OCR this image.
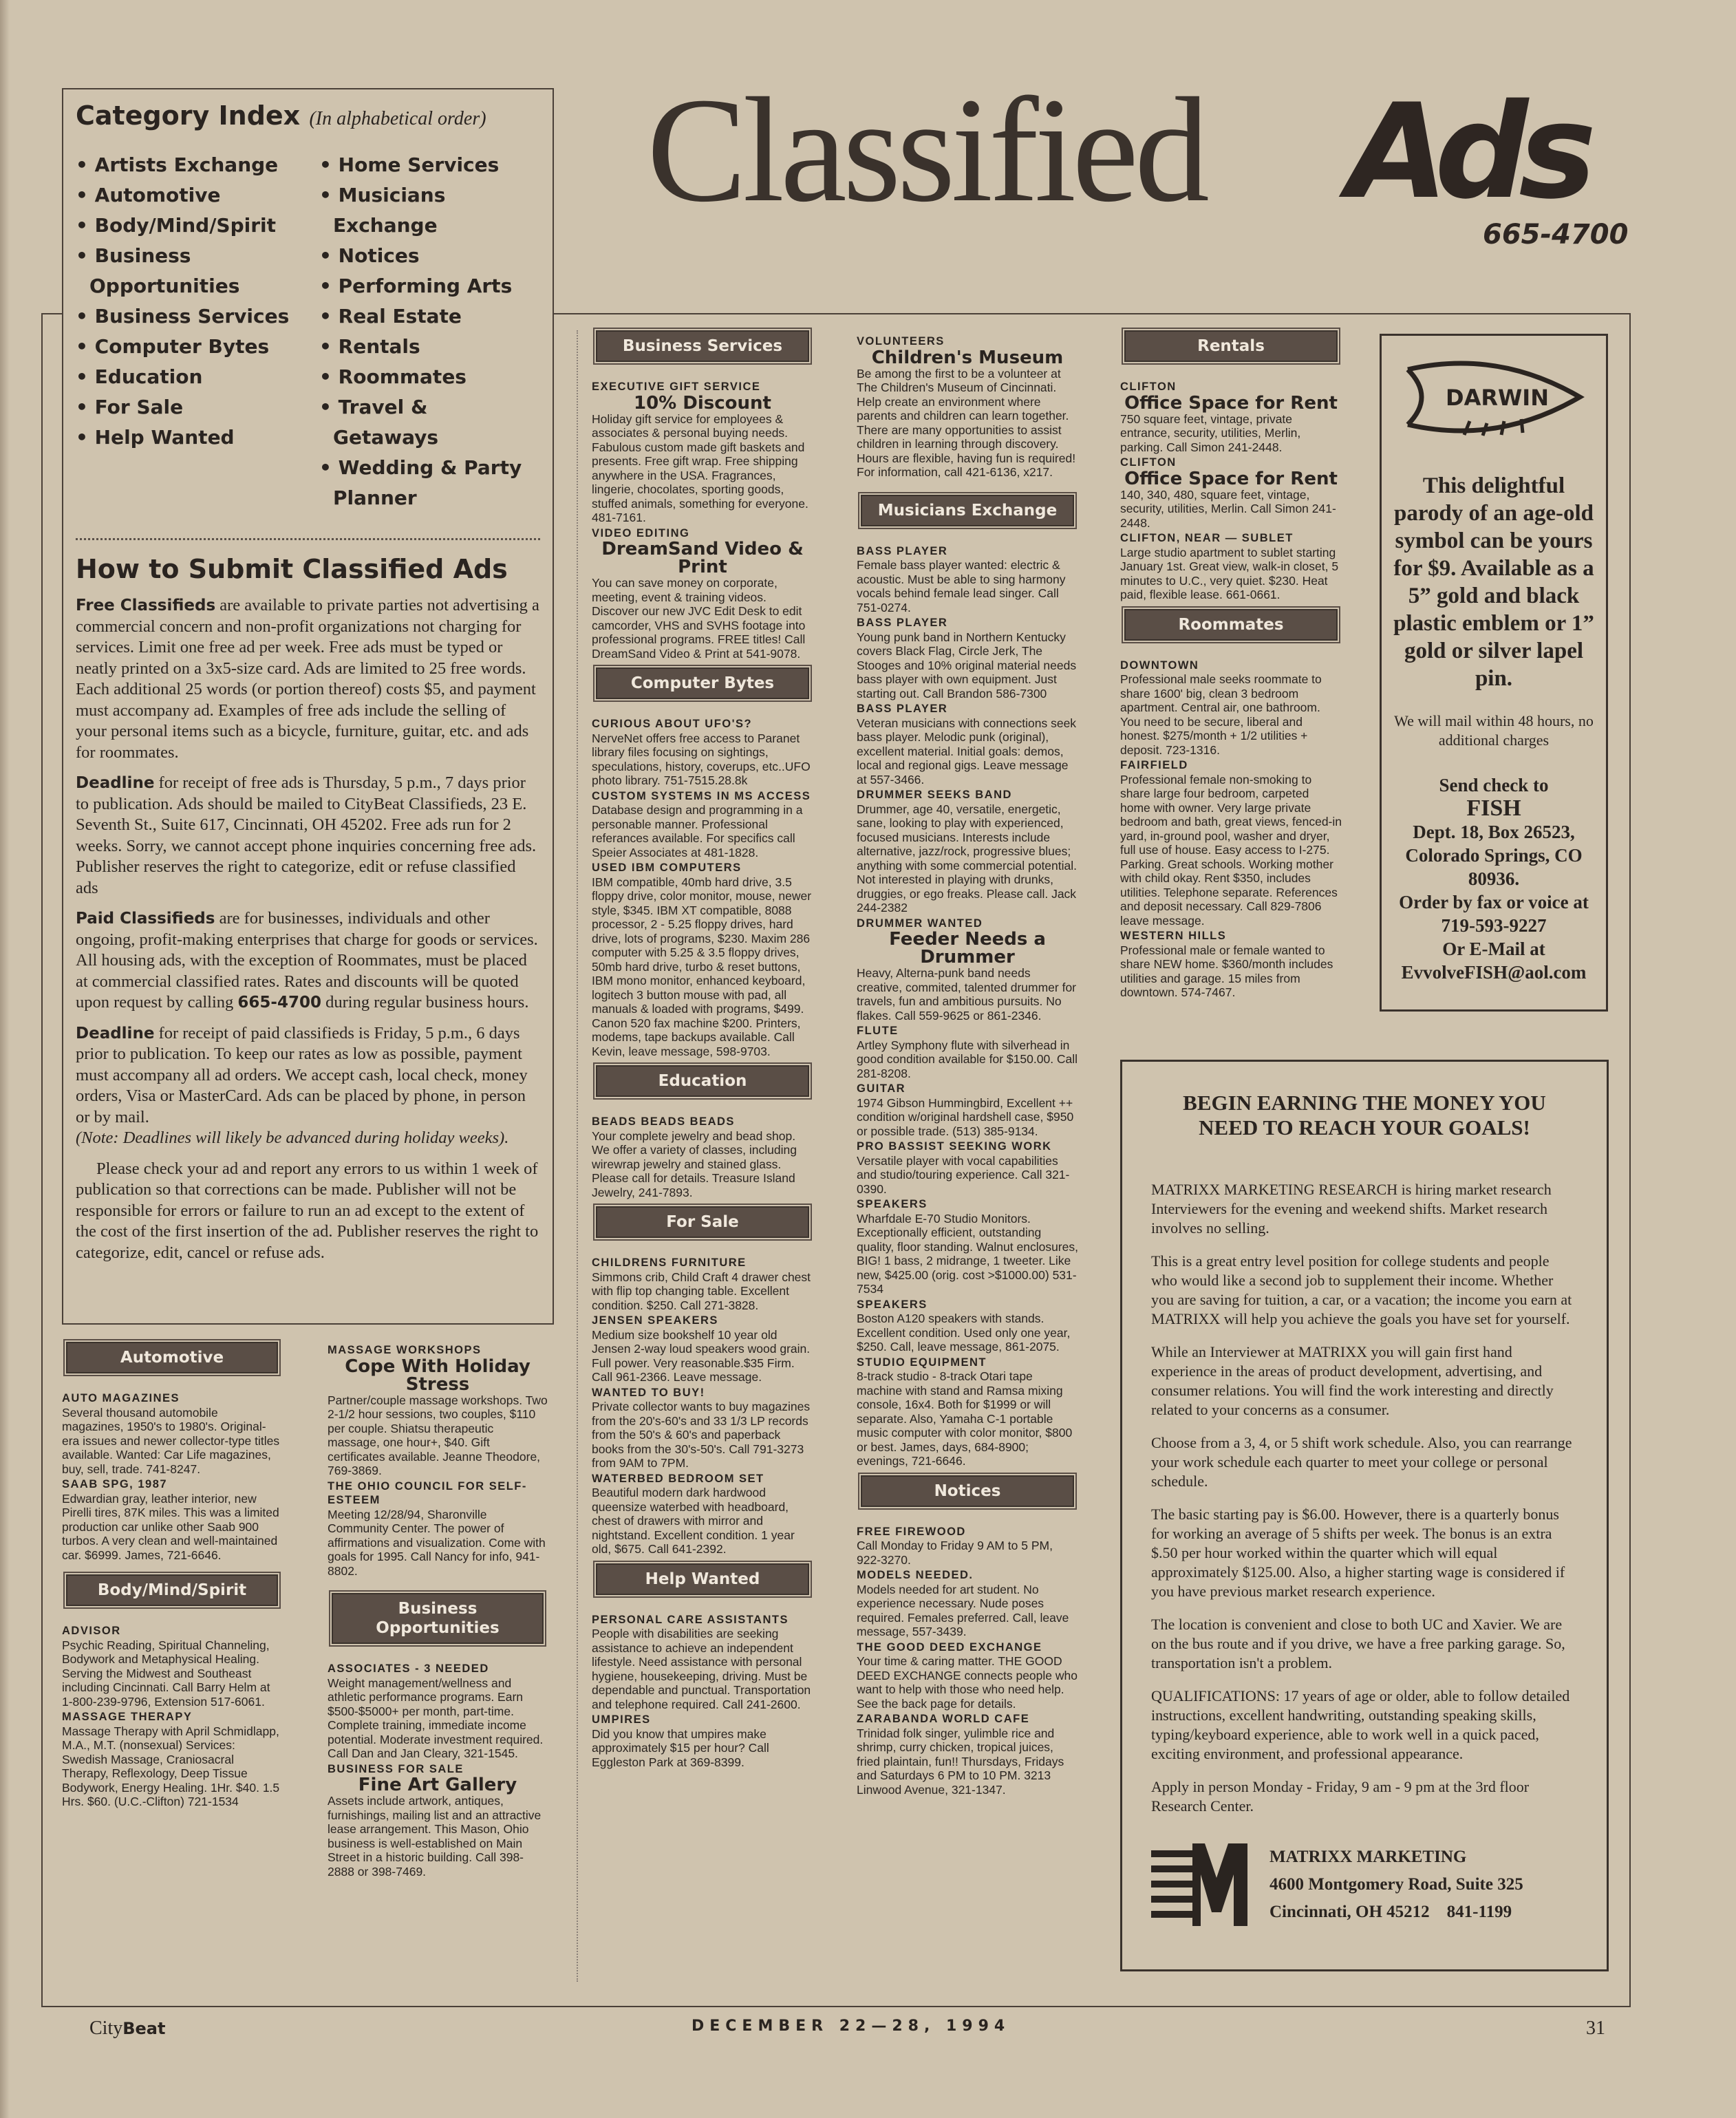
Classified Ads
665-4700
Category Index (In alphabetical order)
• Artists Exchange
• Automotive
• Body/Mind/Spirit
• Business Opportunities
• Business Services
• Computer Bytes
• Education
• For Sale
• Help Wanted
• Home Services
• Musicians Exchange
• Notices
• Performing Arts
• Real Estate
• Rentals
• Roommates
• Travel & Getaways
• Wedding & Party Planner
How to Submit Classified Ads

Free Classifieds are available to private parties not advertising a commercial concern and non-profit organizations not charging for services. Limit one free ad per week. Free ads must be typed or neatly printed on a 3x5-size card. Ads are limited to 25 free words. Each additional 25 words (or portion thereof) costs $5, and payment must accompany ad. Examples of free ads include the selling of your personal items such as a bicycle, furniture, guitar, etc. and ads for roommates.

Deadline for receipt of free ads is Thursday, 5 p.m., 7 days prior to publication. Ads should be mailed to CityBeat Classifieds, 23 E. Seventh St., Suite 617, Cincinnati, OH 45202. Free ads run for 2 weeks. Sorry, we cannot accept phone inquiries concerning free ads. Publisher reserves the right to categorize, edit or refuse classified ads

Paid Classifieds are for businesses, individuals and other ongoing, profit-making enterprises that charge for goods or services. All housing ads, with the exception of Roommates, must be placed at commercial classified rates. Rates and discounts will be quoted upon request by calling 665-4700 during regular business hours.

Deadline for receipt of paid classifieds is Friday, 5 p.m., 6 days prior to publication. To keep our rates as low as possible, payment must accompany all ad orders. We accept cash, local check, money orders, Visa or MasterCard. Ads can be placed by phone, in person or by mail.
(Note: Deadlines will likely be advanced during holiday weeks).

Please check your ad and report any errors to us within 1 week of publication so that corrections can be made. Publisher will not be responsible for errors or failure to run an ad except to the extent of the cost of the first insertion of the ad. Publisher reserves the right to categorize, edit, cancel or refuse ads.

Automotive
AUTO MAGAZINES
Several thousand automobile magazines, 1950's to 1980's. Original-era issues and newer collector-type titles available. Wanted: Car Life magazines, buy, sell, trade. 741-8247.
SAAB SPG, 1987
Edwardian gray, leather interior, new Pirelli tires, 87K miles. This was a limited production car unlike other Saab 900 turbos. A very clean and well-maintained car. $6999. James, 721-6646.
Body/Mind/Spirit
ADVISOR
Psychic Reading, Spiritual Channeling, Bodywork and Metaphysical Healing. Serving the Midwest and Southeast including Cincinnati. Call Barry Helm at 1-800-239-9796, Extension 517-6061.
MASSAGE THERAPY
Massage Therapy with April Schmidlapp, M.A., M.T. (nonsexual) Services: Swedish Massage, Craniosacral Therapy, Reflexology, Deep Tissue Bodywork, Energy Healing. 1Hr. $40. 1.5 Hrs. $60. (U.C.-Clifton) 721-1534
MASSAGE WORKSHOPS
Cope With Holiday Stress
Partner/couple massage workshops. Two 2-1/2 hour sessions, two couples, $110 per couple. Shiatsu therapeutic massage, one hour+, $40. Gift certificates available. Jeanne Theodore, 769-3869.
THE OHIO COUNCIL FOR SELF-ESTEEM
Meeting 12/28/94, Sharonville Community Center. The power of affirmations and visualization. Come with goals for 1995. Call Nancy for info, 941-8802.
Business Opportunities
ASSOCIATES - 3 NEEDED
Weight management/wellness and athletic performance programs. Earn $500-$5000+ per month, part-time. Complete training, immediate income potential. Moderate investment required. Call Dan and Jan Cleary, 321-1545.
BUSINESS FOR SALE
Fine Art Gallery
Assets include artwork, antiques, furnishings, mailing list and an attractive lease arrangement. This Mason, Ohio business is well-established on Main Street in a historic building. Call 398-2888 or 398-7469.
Business Services
EXECUTIVE GIFT SERVICE
10% Discount
Holiday gift service for employees & associates & personal buying needs. Fabulous custom made gift baskets and presents. Free gift wrap. Free shipping anywhere in the USA. Fragrances, lingerie, chocolates, sporting goods, stuffed animals, something for everyone. 481-7161.
VIDEO EDITING
DreamSand Video & Print
You can save money on corporate, meeting, event & training videos. Discover our new JVC Edit Desk to edit camcorder, VHS and SVHS footage into professional programs. FREE titles! Call DreamSand Video & Print at 541-9078.
Computer Bytes
CURIOUS ABOUT UFO'S?
NerveNet offers free access to Paranet library files focusing on sightings, speculations, history, coverups, etc..UFO photo library. 751-7515.28.8k
CUSTOM SYSTEMS IN MS ACCESS
Database design and programming in a personable manner. Professional referances available. For specifics call Speier Associates at 481-1828.
USED IBM COMPUTERS
IBM compatible, 40mb hard drive, 3.5 floppy drive, color monitor, mouse, newer style, $345. IBM XT compatible, 8088 processor, 2 - 5.25 floppy drives, hard drive, lots of programs, $230. Maxim 286 computer with 5.25 & 3.5 floppy drives, 50mb hard drive, turbo & reset buttons, IBM mono monitor, enhanced keyboard, logitech 3 button mouse with pad, all manuals & loaded with programs, $499. Canon 520 fax machine $200. Printers, modems, tape backups available. Call Kevin, leave message, 598-9703.
Education
BEADS BEADS BEADS
Your complete jewelry and bead shop. We offer a variety of classes, including wirewrap jewelry and stained glass. Please call for details. Treasure Island Jewelry, 241-7893.
For Sale
CHILDRENS FURNITURE
Simmons crib, Child Craft 4 drawer chest with flip top changing table. Excellent condition. $250. Call 271-3828.
JENSEN SPEAKERS
Medium size bookshelf 10 year old Jensen 2-way loud speakers wood grain. Full power. Very reasonable.$35 Firm. Call 961-2366. Leave message.
WANTED TO BUY!
Private collector wants to buy magazines from the 20's-60's and 33 1/3 LP records from the 50's & 60's and paperback books from the 30's-50's. Call 791-3273 from 9AM to 7PM.
WATERBED BEDROOM SET
Beautiful modern dark hardwood queensize waterbed with headboard, chest of drawers with mirror and nightstand. Excellent condition. 1 year old, $675. Call 641-2392.
Help Wanted
PERSONAL CARE ASSISTANTS
People with disabilities are seeking assistance to achieve an independent lifestyle. Need assistance with personal hygiene, housekeeping, driving. Must be dependable and punctual. Transportation and telephone required. Call 241-2600.
UMPIRES
Did you know that umpires make approximately $15 per hour? Call Eggleston Park at 369-8399.
VOLUNTEERS
Children's Museum
Be among the first to be a volunteer at The Children's Museum of Cincinnati. Help create an environment where parents and children can learn together. There are many opportunities to assist children in learning through discovery. Hours are flexible, having fun is required! For information, call 421-6136, x217.
Musicians Exchange
BASS PLAYER
Female bass player wanted: electric & acoustic. Must be able to sing harmony vocals behind female lead singer. Call 751-0274.
BASS PLAYER
Young punk band in Northern Kentucky covers Black Flag, Circle Jerk, The Stooges and 10% original material needs bass player with own equipment. Just starting out. Call Brandon 586-7300
BASS PLAYER
Veteran musicians with connections seek bass player. Melodic punk (original), excellent material. Initial goals: demos, local and regional gigs. Leave message at 557-3466.
DRUMMER SEEKS BAND
Drummer, age 40, versatile, energetic, sane, looking to play with experienced, focused musicians. Interests include alternative, jazz/rock, progressive blues; anything with some commercial potential. Not interested in playing with drunks, druggies, or ego freaks. Please call. Jack 244-2382
DRUMMER WANTED
Feeder Needs a Drummer
Heavy, Alterna-punk band needs creative, commited, talented drummer for travels, fun and ambitious pursuits. No flakes. Call 559-9625 or 861-2346.
FLUTE
Artley Symphony flute with silverhead in good condition available for $150.00. Call 281-8208.
GUITAR
1974 Gibson Hummingbird, Excellent ++ condition w/original hardshell case, $950 or possible trade. (513) 385-9134.
PRO BASSIST SEEKING WORK
Versatile player with vocal capabilities and studio/touring experience. Call 321-0390.
SPEAKERS
Wharfdale E-70 Studio Monitors. Exceptionally efficient, outstanding quality, floor standing. Walnut enclosures, BIG! 1 bass, 2 midrange, 1 tweeter. Like new, $425.00 (orig. cost >$1000.00) 531-7534
SPEAKERS
Boston A120 speakers with stands. Excellent condition. Used only one year, $250. Call, leave message, 861-2075.
STUDIO EQUIPMENT
8-track studio - 8-track Otari tape machine with stand and Ramsa mixing console, 16x4. Both for $1999 or will separate. Also, Yamaha C-1 portable music computer with color monitor, $800 or best. James, days, 684-8900; evenings, 721-6646.
Notices
FREE FIREWOOD
Call Monday to Friday 9 AM to 5 PM, 922-3270.
MODELS NEEDED.
Models needed for art student. No experience necessary. Nude poses required. Females preferred. Call, leave message, 557-3439.
THE GOOD DEED EXCHANGE
Your time & caring matter. THE GOOD DEED EXCHANGE connects people who want to help with those who need help. See the back page for details.
ZARABANDA WORLD CAFE
Trinidad folk singer, yulimble rice and shrimp, curry chicken, tropical juices, fried plaintain, fun!! Thursdays, Fridays and Saturdays 6 PM to 10 PM. 3213 Linwood Avenue, 321-1347.
Rentals
CLIFTON
Office Space for Rent
750 square feet, vintage, private entrance, security, utilities, Merlin, parking. Call Simon 241-2448.
CLIFTON
Office Space for Rent
140, 340, 480, square feet, vintage, security, utilities, Merlin. Call Simon 241-2448.
CLIFTON, NEAR — SUBLET
Large studio apartment to sublet starting January 1st. Great view, walk-in closet, 5 minutes to U.C., very quiet. $230. Heat paid, flexible lease. 661-0661.
Roommates
DOWNTOWN
Professional male seeks roommate to share 1600' big, clean 3 bedroom apartment. Central air, one bathroom. You need to be secure, liberal and honest. $275/month + 1/2 utilities + deposit. 723-1316.
FAIRFIELD
Professional female non-smoking to share large four bedroom, carpeted home with owner. Very large private bedroom and bath, great views, fenced-in yard, in-ground pool, washer and dryer, full use of house. Easy access to I-275. Parking. Great schools. Working mother with child okay. Rent $350, includes utilities. Telephone separate. References and deposit necessary. Call 829-7806 leave message.
WESTERN HILLS
Professional male or female wanted to share NEW home. $360/month includes utilities and garage. 15 miles from downtown. 574-7467.
DARWIN
This delightful parody of an age-old symbol can be yours for $9. Available as a 5” gold and black plastic emblem or 1” gold or silver lapel pin.
We will mail within 48 hours, no additional charges
Send check to
FISH
Dept. 18, Box 26523, Colorado Springs, CO 80936.
Order by fax or voice at 719-593-9227
Or E-Mail at EvvolveFISH@aol.com
BEGIN EARNING THE MONEY YOU NEED TO REACH YOUR GOALS!

MATRIXX MARKETING RESEARCH is hiring market research Interviewers for the evening and weekend shifts. Market research involves no selling.

This is a great entry level position for college students and people who would like a second job to supplement their income. Whether you are saving for tuition, a car, or a vacation; the income you earn at MATRIXX will help you achieve the goals you have set for yourself.

While an Interviewer at MATRIXX you will gain first hand experience in the areas of product development, advertising, and consumer relations. You will find the work interesting and directly related to your concerns as a consumer.

Choose from a 3, 4, or 5 shift work schedule. Also, you can rearrange your work schedule each quarter to meet your college or personal schedule.

The basic starting pay is $6.00. However, there is a quarterly bonus for working an average of 5 shifts per week. The bonus is an extra $.50 per hour worked within the quarter which will equal approximately $125.00. Also, a higher starting wage is considered if you have previous market research experience.

The location is convenient and close to both UC and Xavier. We are on the bus route and if you drive, we have a free parking garage. So, transportation isn't a problem.

QUALIFICATIONS: 17 years of age or older, able to follow detailed instructions, excellent handwriting, outstanding speaking skills, typing/keyboard experience, able to work well in a quick paced, exciting environment, and professional appearance.

Apply in person Monday - Friday, 9 am - 9 pm at the 3rd floor Research Center.

MATRIXX MARKETING
4600 Montgomery Road, Suite 325
Cincinnati, OH 45212 841-1199
CityBeat	DECEMBER 22—28, 1994	31
